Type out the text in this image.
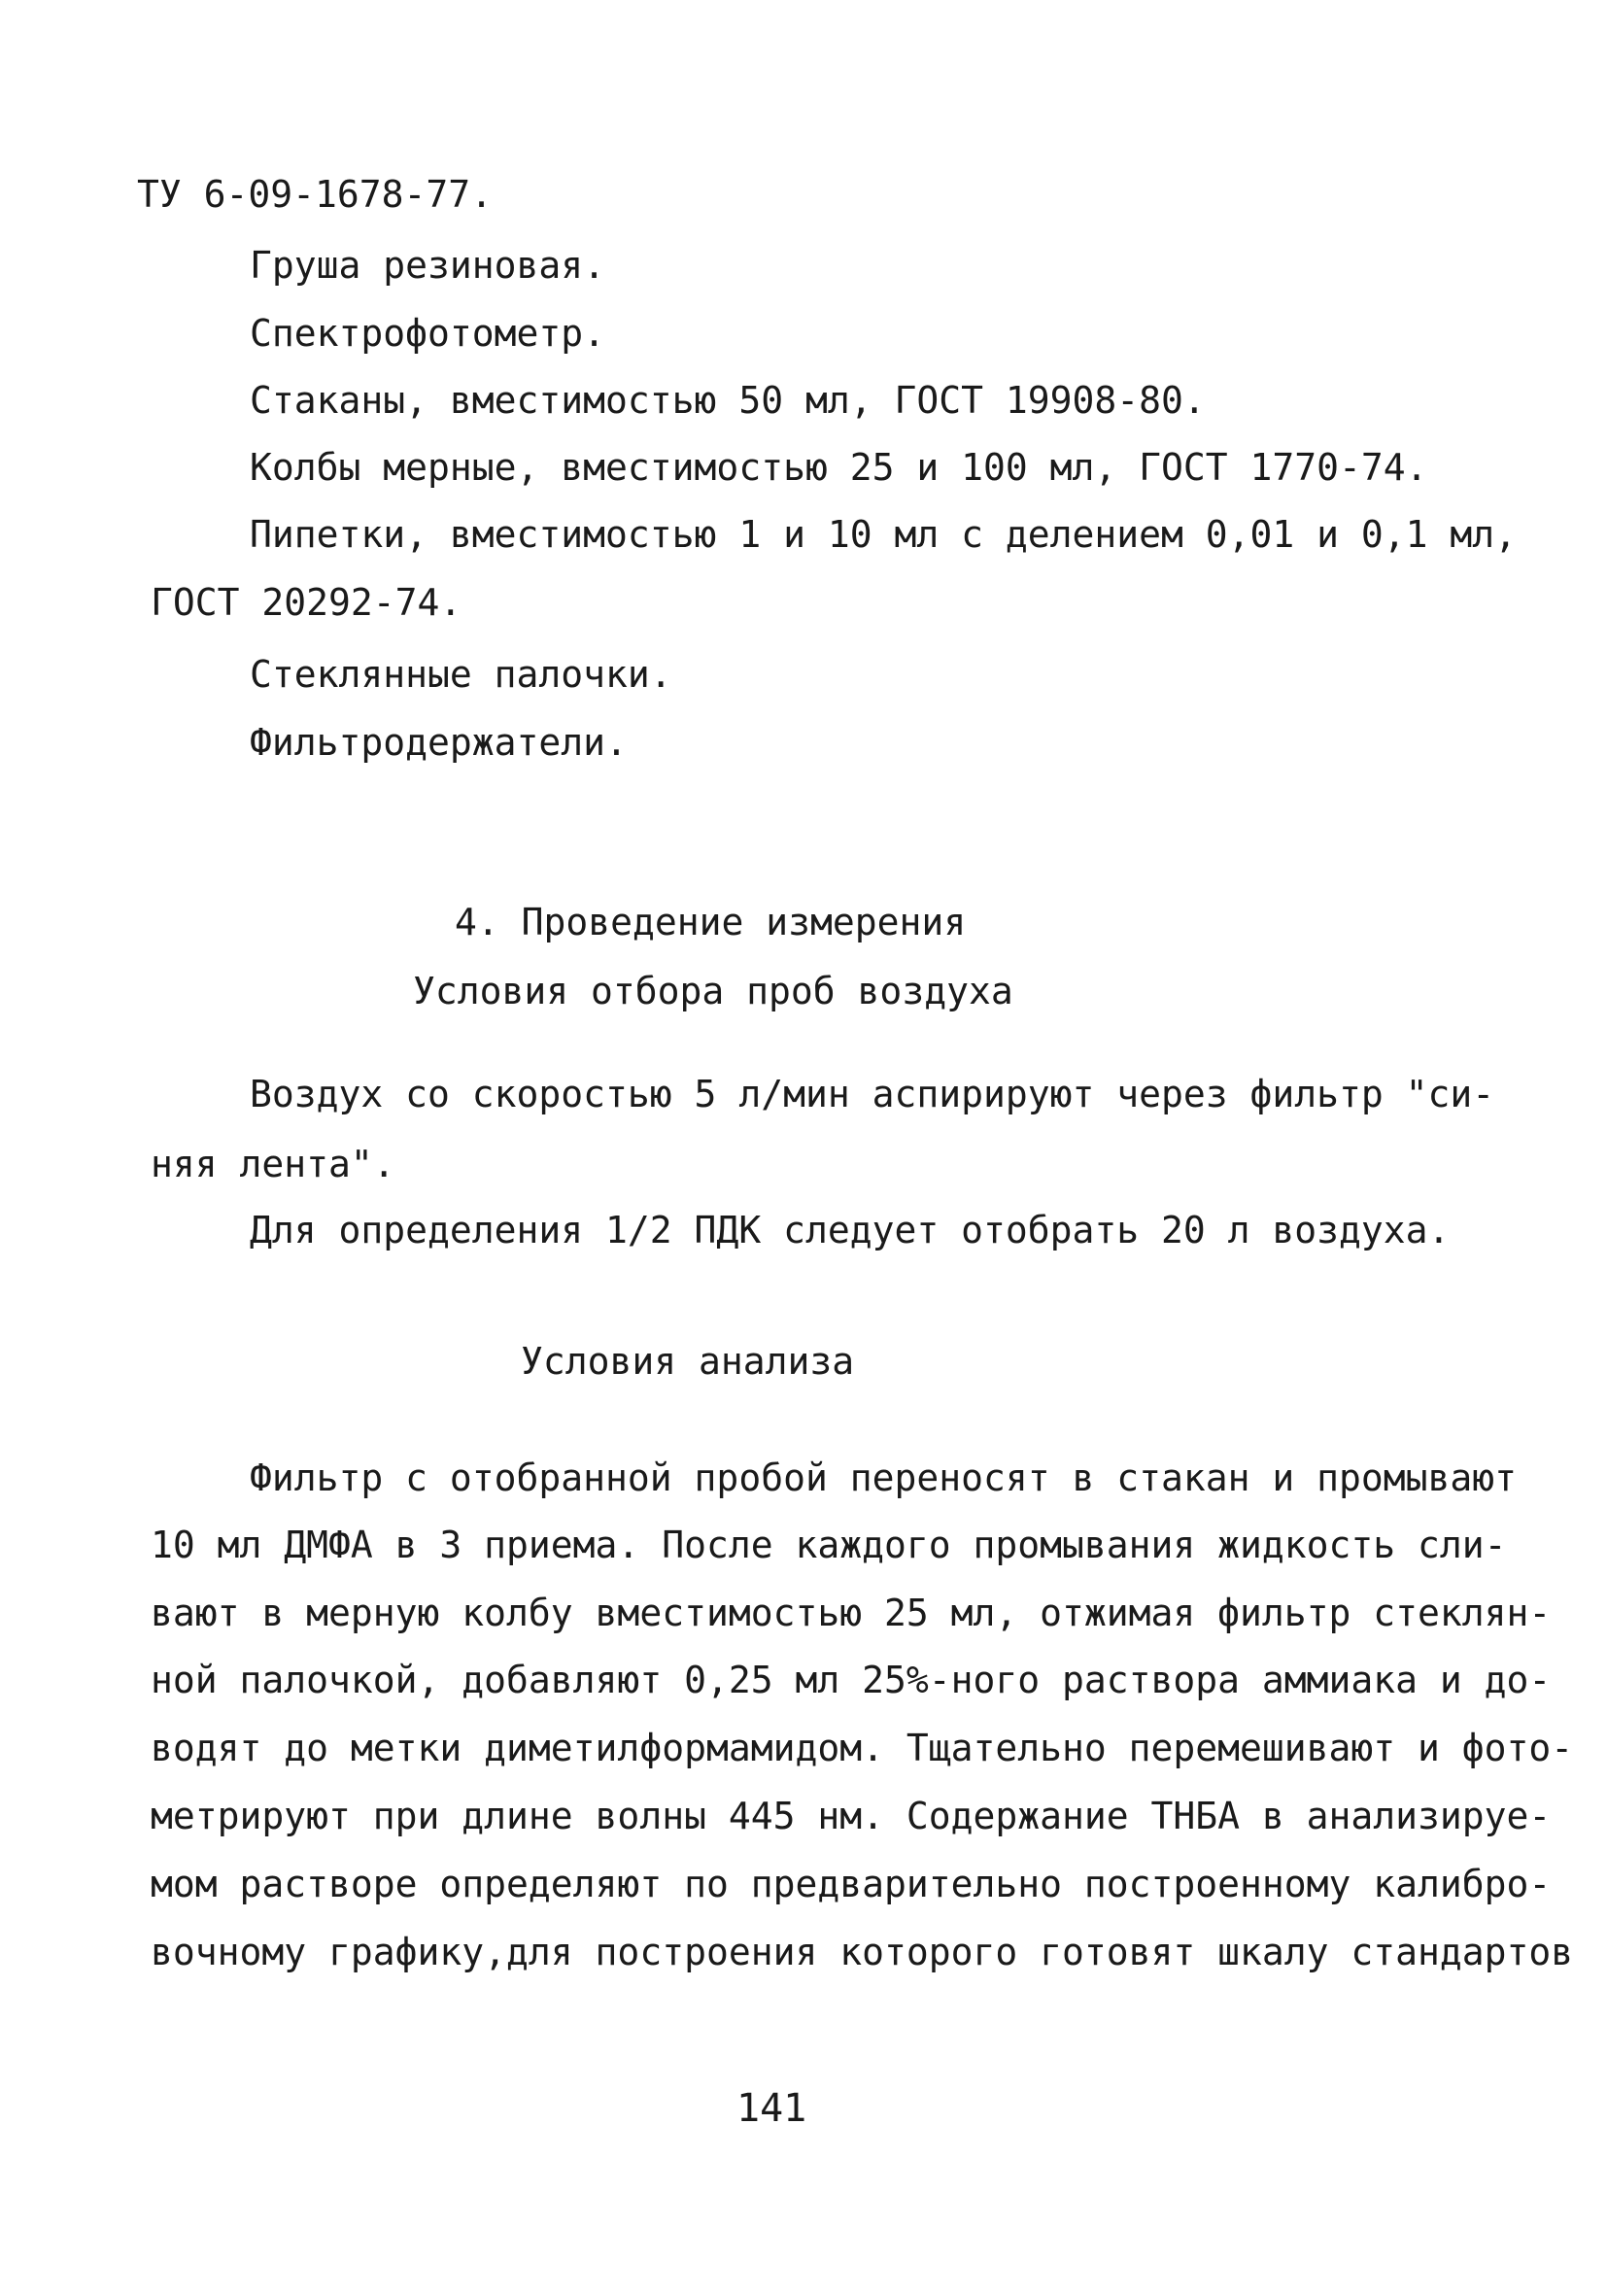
ТУ 6-09-1678-77.
Груша резиновая.
Спектрофотометр.
Стаканы, вместимостью 50 мл, ГОСТ 19908-80.
Колбы мерные, вместимостью 25 и 100 мл, ГОСТ 1770-74.
Пипетки, вместимостью 1 и 10 мл с делением 0,01 и 0,1 мл,
ГОСТ 20292-74.
Стеклянные палочки.
Фильтродержатели.
4. Проведение измерения
Условия отбора проб воздуха
Воздух со скоростью 5 л/мин аспирируют через фильтр "си-
няя лента".
Для определения 1/2 ПДК следует отобрать 20 л воздуха.
Условия анализа
Фильтр с отобранной пробой переносят в стакан и промывают
10 мл ДМФА в 3 приема. После каждого промывания жидкость сли-
вают в мерную колбу вместимостью 25 мл, отжимая фильтр стеклян-
ной палочкой, добавляют 0,25 мл 25%-ного раствора аммиака и до-
водят до метки диметилформамидом. Тщательно перемешивают и фото-
метрируют при длине волны 445 нм. Содержание ТНБА в анализируе-
мом растворе определяют по предварительно построенному калибро-
вочному графику,для построения которого готовят шкалу стандартов
141
